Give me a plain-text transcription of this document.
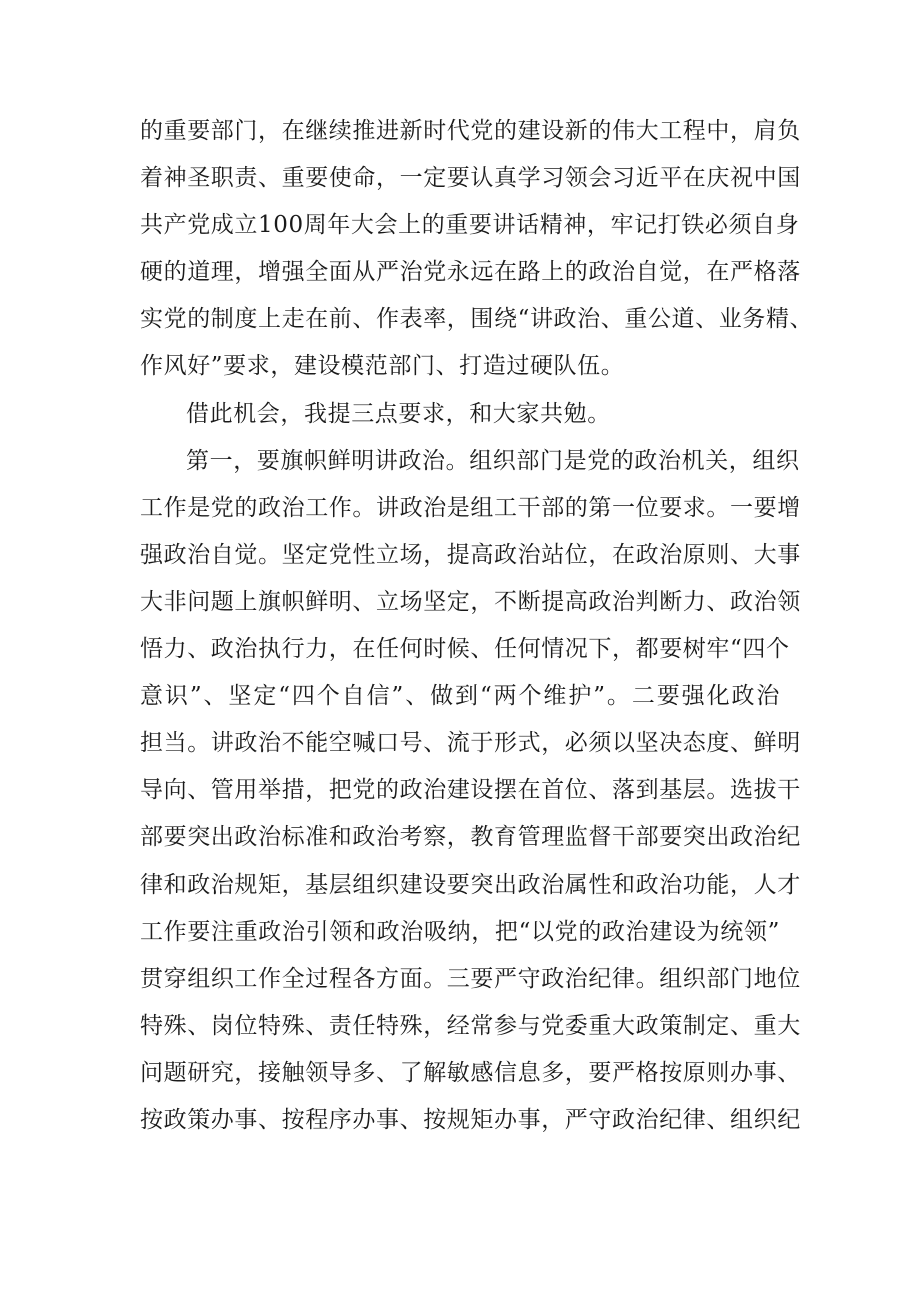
的重要部门，在继续推进新时代党的建设新的伟大工程中，肩负
着神圣职责、重要使命，一定要认真学习领会习近平在庆祝中国
共产党成立100周年大会上的重要讲话精神，牢记打铁必须自身
硬的道理，增强全面从严治党永远在路上的政治自觉，在严格落
实党的制度上走在前、作表率，围绕“讲政治、重公道、业务精、
作风好”要求，建设模范部门、打造过硬队伍。
借此机会，我提三点要求，和大家共勉。
第一，要旗帜鲜明讲政治。组织部门是党的政治机关，组织
工作是党的政治工作。讲政治是组工干部的第一位要求。一要增
强政治自觉。坚定党性立场，提高政治站位，在政治原则、大事
大非问题上旗帜鲜明、立场坚定，不断提高政治判断力、政治领
悟力、政治执行力，在任何时候、任何情况下，都要树牢“四个
意识”、坚定“四个自信”、做到“两个维护”。二要强化政治
担当。讲政治不能空喊口号、流于形式，必须以坚决态度、鲜明
导向、管用举措，把党的政治建设摆在首位、落到基层。选拔干
部要突出政治标准和政治考察，教育管理监督干部要突出政治纪
律和政治规矩，基层组织建设要突出政治属性和政治功能，人才
工作要注重政治引领和政治吸纳，把“以党的政治建设为统领”
贯穿组织工作全过程各方面。三要严守政治纪律。组织部门地位
特殊、岗位特殊、责任特殊，经常参与党委重大政策制定、重大
问题研究，接触领导多、了解敏感信息多，要严格按原则办事、
按政策办事、按程序办事、按规矩办事，严守政治纪律、组织纪
